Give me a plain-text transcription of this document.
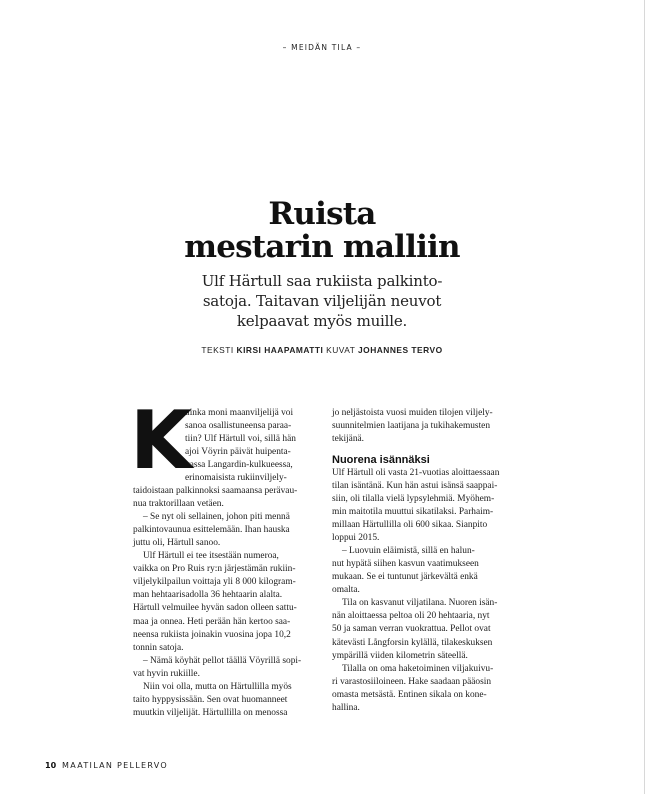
– MEIDÄN TILA –
Ruista
mestarin malliin
Ulf Härtull saa rukiista palkinto-
satoja. Taitavan viljelijän neuvot
kelpaavat myös muille.
TEKSTI KIRSI HAAPAMATTI KUVAT JOHANNES TERVO
K
uinka moni maanviljelijä voi
sanoa osallistuneensa paraa-
tiin? Ulf Härtull voi, sillä hän
ajoi Vöyrin päivät huipenta-
vassa Langardin-kulkueessa,
erinomaisista rukiinviljely-
taidoistaan palkinnoksi saamaansa perävau-
nua traktorillaan vetäen.
– Se nyt oli sellainen, johon piti mennä
palkintovaunua esittelemään. Ihan hauska
juttu oli, Härtull sanoo.
Ulf Härtull ei tee itsestään numeroa,
vaikka on Pro Ruis ry:n järjestämän rukiin-
viljelykilpailun voittaja yli 8 000 kilogram-
man hehtaarisadolla 36 hehtaarin alalta.
Härtull velmuilee hyvän sadon olleen sattu-
maa ja onnea. Heti perään hän kertoo saa-
neensa rukiista joinakin vuosina jopa 10,2
tonnin satoja.
– Nämä köyhät pellot täällä Vöyrillä sopi-
vat hyvin rukiille.
Niin voi olla, mutta on Härtullilla myös
taito hyppysissään. Sen ovat huomanneet
muutkin viljelijät. Härtullilla on menossa
jo neljästoista vuosi muiden tilojen viljely-
suunnitelmien laatijana ja tukihakemusten
tekijänä.
Nuorena isännäksi
Ulf Härtull oli vasta 21-vuotias aloittaessaan
tilan isäntänä. Kun hän astui isänsä saappai-
siin, oli tilalla vielä lypsylehmiä. Myöhem-
min maitotila muuttui sikatilaksi. Parhaim-
millaan Härtullilla oli 600 sikaa. Sianpito
loppui 2015.
– Luovuin eläimistä, sillä en halun-
nut hypätä siihen kasvun vaatimukseen
mukaan. Se ei tuntunut järkevältä enkä
omalta.
Tila on kasvanut viljatilana. Nuoren isän-
nän aloittaessa peltoa oli 20 hehtaaria, nyt
50 ja saman verran vuokrattua. Pellot ovat
kätevästi Långforsin kylällä, tilakeskuksen
ympärillä viiden kilometrin säteellä.
Tilalla on oma haketoiminen viljakuivu-
ri varastosiiloineen. Hake saadaan pääosin
omasta metsästä. Entinen sikala on kone-
hallina.
10 MAATILAN PELLERVO
